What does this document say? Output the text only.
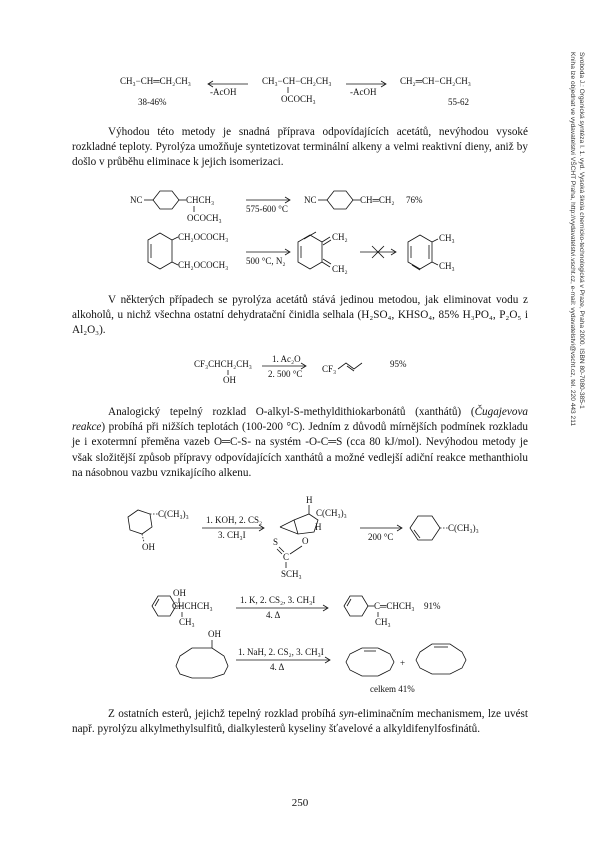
Svoboda J.: Organická syntéza I. 1. vyd. Vysoká škola chemicko-technologická v Praze, Praha 2000. ISBN 80-7080-385-1
Kniha lze objednat ve vydavatelství VŠCHT Praha, http://vydavatelstvi.vscht.cz, e-mail: vydavatelstvi@vscht.cz, tel. 220 443 211
CH₃−CH═CH₂CH₃
38-46%
-AcOH
CH₃−CH−CH₂CH₃
OCOCH₃
-AcOH
CH₂═CH−CH₂CH₃
55-62

Výhodou této metody je snadná příprava odpovídajících acetátů, nevýhodou vysoké rozkladné teploty. Pyrolýza umožňuje syntetizovat terminální alkeny a velmi reaktivní dieny, aniž by došlo v průběhu eliminace k jejich isomerizaci.

NC	CHCH₃
OCOCH₃
575-600 °C
NC	CH═CH₂ 76%
CH₂OCOCH₃
CH₂OCOCH₃ 500 °C, N₂
CH₂
CH₂
CH₃
CH₃

V některých případech se pyrolýza acetátů stává jedinou metodou, jak eliminovat vodu z alkoholů, u nichž všechna ostatní dehydratační činidla selhala (H₂SO₄, KHSO₄, 85% H₃PO₄, P₂O₅ i Al₂O₃).

CF₃CHCH₂CH₃
OH
1. Ac₂O
2. 500 °C CF₃	95%

Analogický tepelný rozklad O-alkyl-S-methyldithiokarbonátů (xanthátů) (Čugajevova reakce) probíhá při nižších teplotách (100-200 °C). Jedním z důvodů mírnějších podmínek rozkladu je i exotermní přeměna vazeb O═C-S- na systém -O-C═S (cca 80 kJ/mol). Nevýhodou metody je však složitější způsob přípravy odpovídajících xanthátů a možné vedlejší adiční reakce methanthiolu na násobnou vazbu vznikajícího alkenu.

C(CH₃)₃
OH
1. KOH, 2. CS₂
3. CH₃I
H
C(CH₃)₃
H
S
C
O
SCH₃
200 °C
C(CH₃)₃
OH
CHCHCH₃
CH₃
1. K, 2. CS₂, 3. CH₃I
4. Δ
C═CHCH₃
CH₃
91%
OH
1. NaH, 2. CS₂, 3. CH₃I
4. Δ	+
celkem 41%

Z ostatních esterů, jejichž tepelný rozklad probíhá syn-eliminačním mechanismem, lze uvést např. pyrolýzu alkylmethylsulfitů, dialkylesterů kyseliny šťavelové a alkyldifenylfosfinátů.

250
